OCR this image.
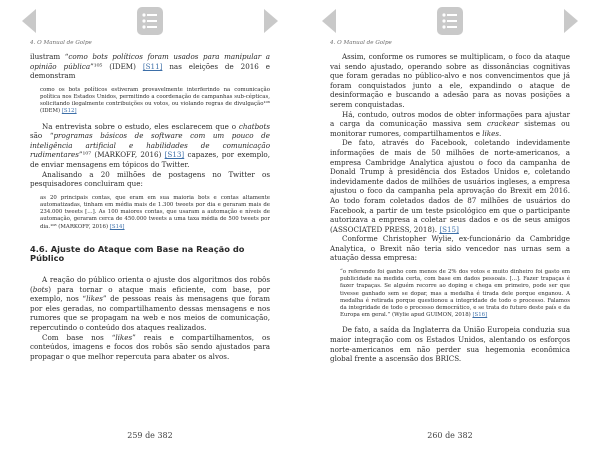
4. O Manual de Golpe

ilustram “como bots políticos foram usados para manipular a opinião pública”¹⁰⁵ (IDEM) [S11] nas eleições de 2016 e demonstram

como os bots políticos estiveram provavelmente interferindo na comunicação política nos Estados Unidos, permitindo a coordenação de campanhas sub-cépticas, solicitando ilegalmente contribuições ou votos, ou violando regras de divulgação¹⁰⁶ (IDEM) [S12]

Na entrevista sobre o estudo, eles esclarecem que o chatbots são “programas básicos de software com um pouco de inteligência artificial e habilidades de comunicação rudimentares”¹⁰⁷ (MARKOFF, 2016) [S13] capazes, por exemplo, de enviar mensagens em tópicos do Twitter.

Analisando a 20 milhões de postagens no Twitter os pesquisadores concluiram que:

as 20 principais contas, que eram em sua maioria bots e contas altamente automatizadas, tinham em média mais de 1.300 tweets por dia e geraram mais de 234.000 tweets […]. As 100 maiores contas, que usaram a automação e níveis de automação, geraram cerca de 450.000 tweets a uma taxa média de 500 tweets por dia.¹⁰⁸ (MARKOFF, 2016) [S14]
4.6. Ajuste do Ataque com Base na Reação do Público

A reação do público orienta o ajuste dos algoritmos dos robôs (bots) para tornar o ataque mais eficiente, com base, por exemplo, nos “likes” de pessoas reais às mensagens que foram por eles geradas, no compartilhamento dessas mensagens e nos rumores que se propagam na web e nos meios de comunicação, repercutindo o conteúdo dos ataques realizados.

Com base nos “likes” reais e compartilhamentos, os conteúdos, imagens e focos dos robôs são sendo ajustados para propagar o que melhor repercuta para abater os alvos.

259 de 382
4. O Manual de Golpe

Assim, conforme os rumores se multiplicam, o foco da ataque vai sendo ajustado, operando sobre as dissonâncias cognitivas que foram geradas no público-alvo e nos convencimentos que já foram conquistados junto a ele, expandindo o ataque de desinformação e buscando a adesão para as novas posições a serem conquistadas.

Há, contudo, outros modos de obter informações para ajustar a carga da comunicação massiva sem crackear sistemas ou monitorar rumores, compartilhamentos e likes.

De fato, através do Facebook, coletando indevidamente informações de mais de 50 milhões de norte-americanos, a empresa Cambridge Analytica ajustou o foco da campanha de Donald Trump à presidência dos Estados Unidos e, coletando indevidamente dados de milhões de usuários ingleses, a empresa ajustou o foco da campanha pela aprovação do Brexit em 2016. Ao todo foram coletados dados de 87 milhões de usuários do Facebook, a partir de um teste psicológico em que o participante autorizava a empresa a coletar seus dados e os de seus amigos (ASSOCIATED PRESS, 2018). [S15]

Conforme Christopher Wylie, ex-funcionário da Cambridge Analytica, o Brexit não teria sido vencedor nas urnas sem a atuação dessa empresa:

“o referendo foi ganho com menos de 2% dos votos e muito dinheiro foi gasto em publicidade na medida certa, com base em dados pessoais. [...]. Fazer trapaças é fazer trapaças. Se alguém recorre ao doping e chega em primeiro, pode ser que tivesse ganhado sem se dopar, mas a medalha é tirada dele porque enganou. A medalha é retirada porque questionou a integridade de todo o processo. Falamos da integridade de todo o processo democrático, e se trata do futuro deste país e da Europa em geral.” (Wylie apud GUIMON, 2018) [S16]

De fato, a saída da Inglaterra da União Europeia conduzia sua maior integração com os Estados Unidos, alentando os esforços norte-americanos em não perder sua hegemonia econômica global frente a ascensão dos BRICS.

260 de 382
